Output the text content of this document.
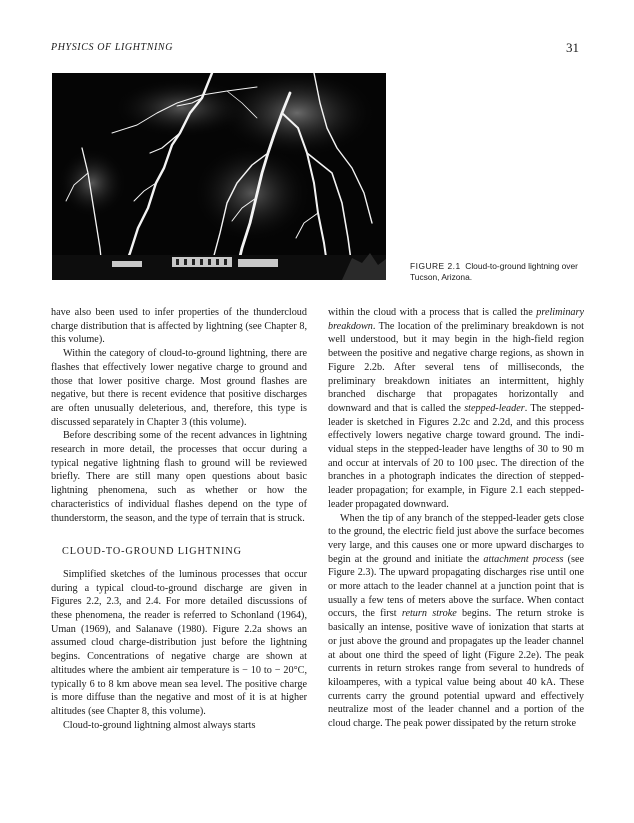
PHYSICS OF LIGHTNING	31
FIGURE 2.1 Cloud-to-ground lightning over Tucson, Arizona.

have also been used to infer properties of the thundercloud charge distribution that is affected by lightning (see Chapter 8, this volume).

Within the category of cloud-to-ground lightning, there are flashes that effectively lower negative charge to ground and those that lower positive charge. Most ground flashes are negative, but there is recent evidence that positive discharges are often unusually deleterious, and, therefore, this type is discussed separately in Chapter 3 (this volume).

Before describing some of the recent advances in lightning research in more detail, the processes that occur during a typical negative lightning flash to ground will be reviewed briefly. There are still many open questions about basic lightning phenomena, such as whether or how the characteristics of individual flashes depend on the type of thunderstorm, the season, and the type of terrain that is struck.

CLOUD-TO-GROUND LIGHTNING

Simplified sketches of the luminous processes that occur during a typical cloud-to-ground discharge are given in Figures 2.2, 2.3, and 2.4. For more detailed discussions of these phenomena, the reader is referred to Schonland (1964), Uman (1969), and Salanave (1980). Figure 2.2a shows an assumed cloud charge-distribution just before the lightning begins. Concentrations of negative charge are shown at altitudes where the ambient air temperature is − 10 to − 20°C, typically 6 to 8 km above mean sea level. The positive charge is more diffuse than the negative and most of it is at higher altitudes (see Chapter 8, this volume).

Cloud-to-ground lightning almost always starts

within the cloud with a process that is called the preliminary breakdown. The location of the preliminary breakdown is not well understood, but it may begin in the high-field region between the positive and negative charge regions, as shown in Figure 2.2b. After several tens of milliseconds, the preliminary breakdown initiates an intermittent, highly branched discharge that propagates horizontally and downward and that is called the stepped-leader. The stepped-leader is sketched in Figures 2.2c and 2.2d, and this process effectively lowers negative charge toward ground. The individual steps in the stepped-leader have lengths of 30 to 90 m and occur at intervals of 20 to 100 μsec. The direction of the branches in a photograph indicates the direction of stepped-leader propagation; for example, in Figure 2.1 each stepped-leader propagated downward.

When the tip of any branch of the stepped-leader gets close to the ground, the electric field just above the surface becomes very large, and this causes one or more upward discharges to begin at the ground and initiate the attachment process (see Figure 2.3). The upward propagating discharges rise until one or more attach to the leader channel at a junction point that is usually a few tens of meters above the surface. When contact occurs, the first return stroke begins. The return stroke is basically an intense, positive wave of ionization that starts at or just above the ground and propagates up the leader channel at about one third the speed of light (Figure 2.2e). The peak currents in return strokes range from several to hundreds of kiloamperes, with a typical value being about 40 kA. These currents carry the ground potential upward and effectively neutralize most of the leader channel and a portion of the cloud charge. The peak power dissipated by the return stroke
